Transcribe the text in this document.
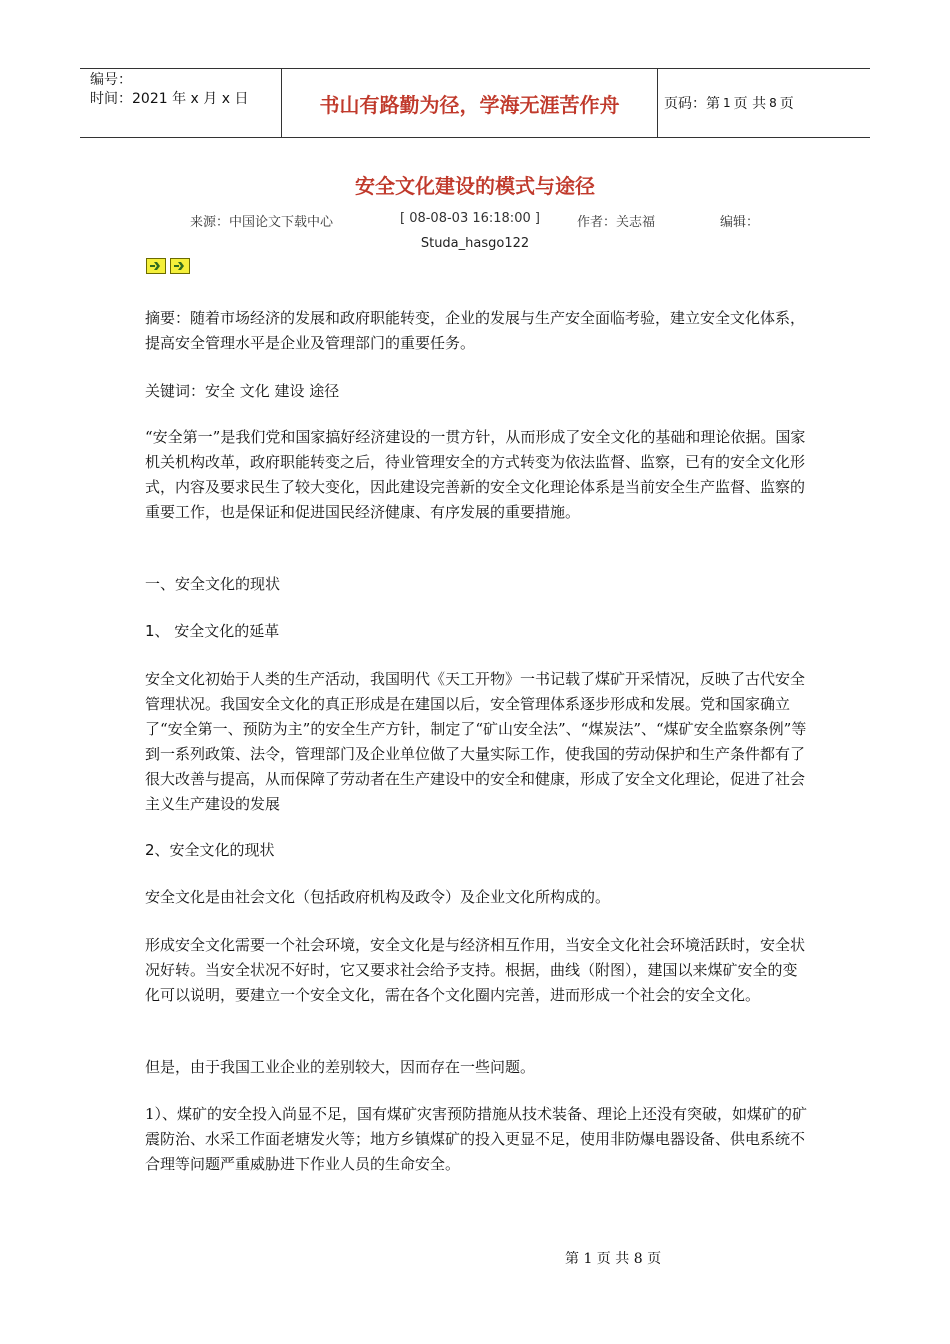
编号：
时间：2021 年 x 月 x 日	书山有路勤为径，学海无涯苦作舟	页码：第 1 页 共 8 页
安全文化建设的模式与途径
来源：中国论文下载中心	[ 08-08-03 16:18:00 ]	作者：关志福	编辑：
Studa_hasgo122

摘要：随着市场经济的发展和政府职能转变，企业的发展与生产安全面临考验，建立安全文化体系，提高安全管理水平是企业及管理部门的重要任务。

关键词：安全 文化 建设 途径

“安全第一”是我们党和国家搞好经济建设的一贯方针，从而形成了安全文化的基础和理论依据。国家机关机构改革，政府职能转变之后，待业管理安全的方式转变为依法监督、监察，已有的安全文化形式，内容及要求民生了较大变化，因此建设完善新的安全文化理论体系是当前安全生产监督、监察的重要工作，也是保证和促进国民经济健康、有序发展的重要措施。

一、安全文化的现状

1、 安全文化的延革

安全文化初始于人类的生产活动，我国明代《天工开物》一书记载了煤矿开采情况，反映了古代安全管理状况。我国安全文化的真正形成是在建国以后，安全管理体系逐步形成和发展。党和国家确立了“安全第一、预防为主”的安全生产方针，制定了“矿山安全法”、“煤炭法”、“煤矿安全监察条例”等到一系列政策、法令，管理部门及企业单位做了大量实际工作，使我国的劳动保护和生产条件都有了很大改善与提高，从而保障了劳动者在生产建设中的安全和健康，形成了安全文化理论，促进了社会主义生产建设的发展

2、安全文化的现状

安全文化是由社会文化（包括政府机构及政令）及企业文化所构成的。

形成安全文化需要一个社会环境，安全文化是与经济相互作用，当安全文化社会环境活跃时，安全状况好转。当安全状况不好时，它又要求社会给予支持。根据，曲线（附图），建国以来煤矿安全的变化可以说明，要建立一个安全文化，需在各个文化圈内完善，进而形成一个社会的安全文化。

但是，由于我国工业企业的差别较大，因而存在一些问题。

1）、煤矿的安全投入尚显不足，国有煤矿灾害预防措施从技术装备、理论上还没有突破，如煤矿的矿震防治、水采工作面老塘发火等；地方乡镇煤矿的投入更显不足，使用非防爆电器设备、供电系统不合理等问题严重威胁进下作业人员的生命安全。

第 1 页 共 8 页
